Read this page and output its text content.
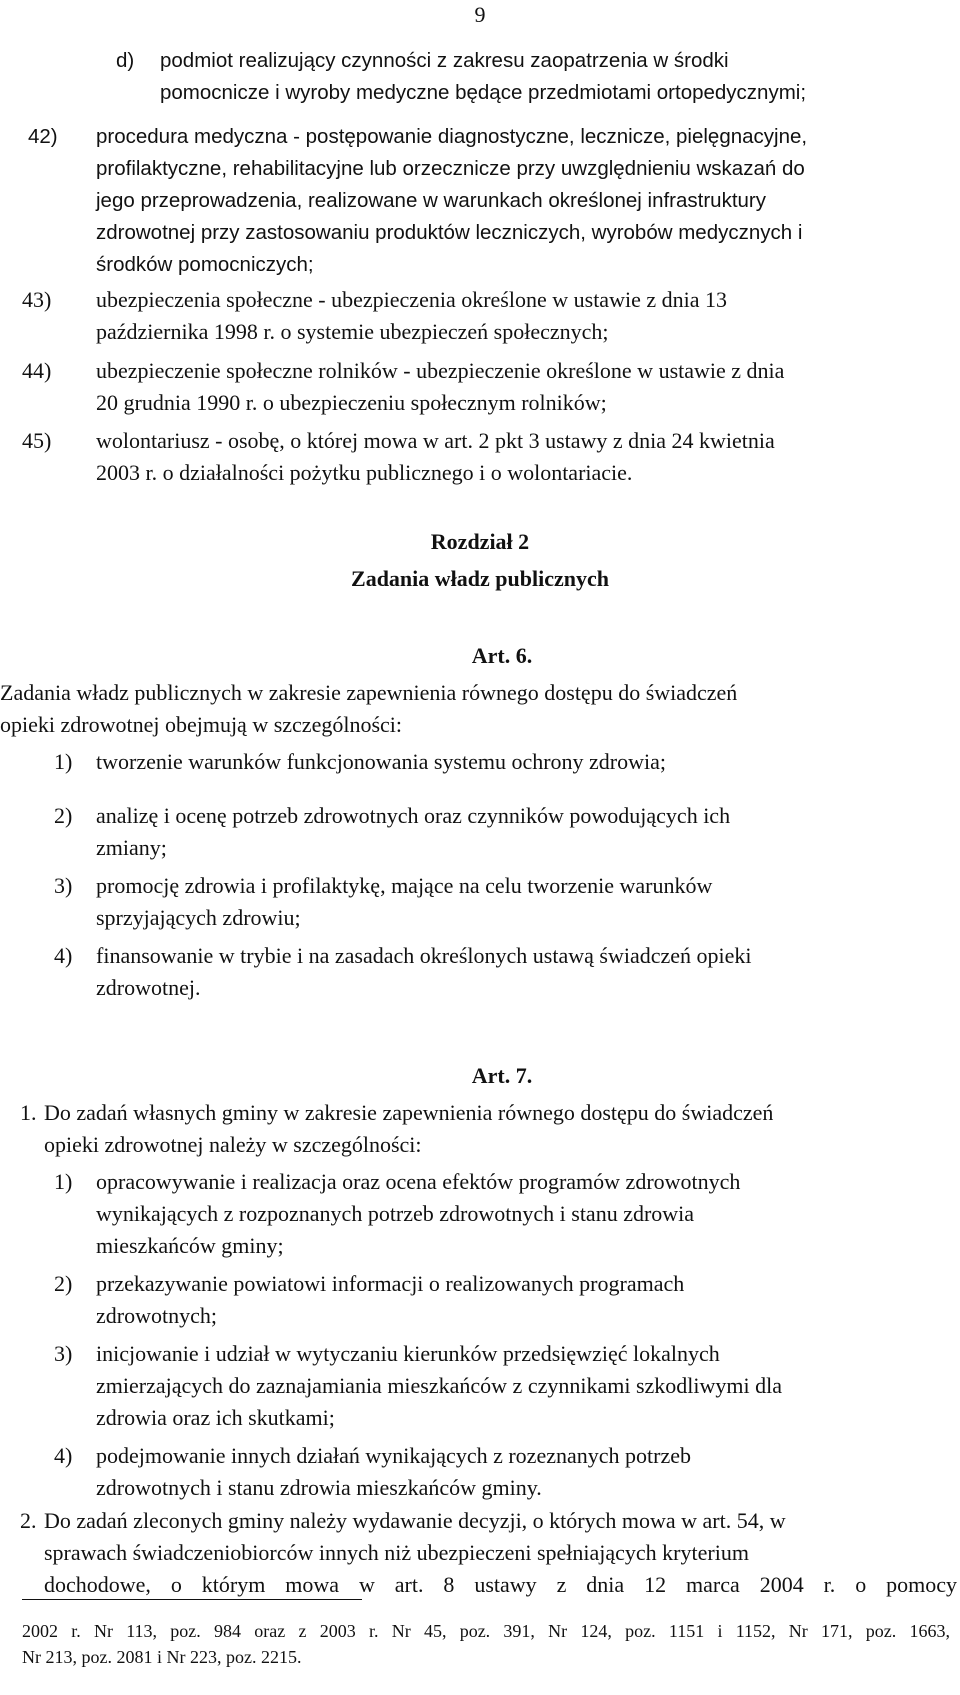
9
d) podmiot realizujący czynności z zakresu zaopatrzenia w środki
pomocnicze i wyroby medyczne będące przedmiotami ortopedycznymi;
42) procedura medyczna - postępowanie diagnostyczne, lecznicze, pielęgnacyjne,
profilaktyczne, rehabilitacyjne lub orzecznicze przy uwzględnieniu wskazań do
jego przeprowadzenia, realizowane w warunkach określonej infrastruktury
zdrowotnej przy zastosowaniu produktów leczniczych, wyrobów medycznych i
środków pomocniczych;
43) ubezpieczenia społeczne - ubezpieczenia określone w ustawie z dnia 13
października 1998 r. o systemie ubezpieczeń społecznych;
44) ubezpieczenie społeczne rolników - ubezpieczenie określone w ustawie z dnia
20 grudnia 1990 r. o ubezpieczeniu społecznym rolników;
45) wolontariusz - osobę, o której mowa w art. 2 pkt 3 ustawy z dnia 24 kwietnia
2003 r. o działalności pożytku publicznego i o wolontariacie.
Rozdział 2
Zadania władz publicznych
Art. 6.
Zadania władz publicznych w zakresie zapewnienia równego dostępu do świadczeń
opieki zdrowotnej obejmują w szczególności:
1) tworzenie warunków funkcjonowania systemu ochrony zdrowia;
2) analizę i ocenę potrzeb zdrowotnych oraz czynników powodujących ich
zmiany;
3) promocję zdrowia i profilaktykę, mające na celu tworzenie warunków
sprzyjających zdrowiu;
4) finansowanie w trybie i na zasadach określonych ustawą świadczeń opieki
zdrowotnej.
Art. 7.
1. Do zadań własnych gminy w zakresie zapewnienia równego dostępu do świadczeń
opieki zdrowotnej należy w szczególności:
1) opracowywanie i realizacja oraz ocena efektów programów zdrowotnych
wynikających z rozpoznanych potrzeb zdrowotnych i stanu zdrowia
mieszkańców gminy;
2) przekazywanie powiatowi informacji o realizowanych programach
zdrowotnych;
3) inicjowanie i udział w wytyczaniu kierunków przedsięwzięć lokalnych
zmierzających do zaznajamiania mieszkańców z czynnikami szkodliwymi dla
zdrowia oraz ich skutkami;
4) podejmowanie innych działań wynikających z rozeznanych potrzeb
zdrowotnych i stanu zdrowia mieszkańców gminy.
2. Do zadań zleconych gminy należy wydawanie decyzji, o których mowa w art. 54, w
sprawach świadczeniobiorców innych niż ubezpieczeni spełniających kryterium
dochodowe, o którym mowa w art. 8 ustawy z dnia 12 marca 2004 r. o pomocy
2002 r. Nr 113, poz. 984 oraz z 2003 r. Nr 45, poz. 391, Nr 124, poz. 1151 i 1152, Nr 171, poz. 1663,
Nr 213, poz. 2081 i Nr 223, poz. 2215.
